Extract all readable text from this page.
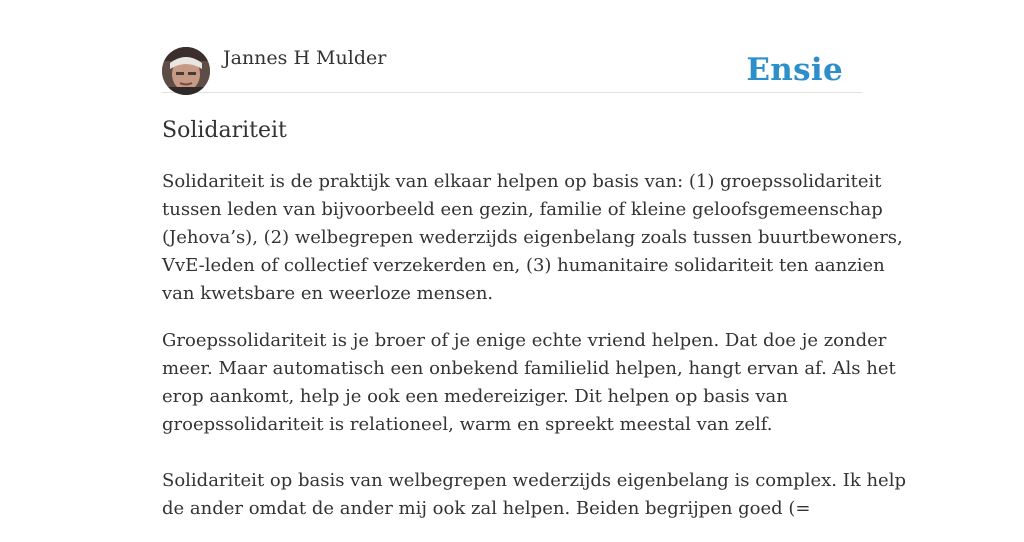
Jannes H Mulder	Ensie
Solidariteit

Solidariteit is de praktijk van elkaar helpen op basis van: (1) groepssolidariteit
tussen leden van bijvoorbeeld een gezin, familie of kleine geloofsgemeenschap
(Jehova’s), (2) welbegrepen wederzijds eigenbelang zoals tussen buurtbewoners,
VvE-leden of collectief verzekerden en, (3) humanitaire solidariteit ten aanzien
van kwetsbare en weerloze mensen.

Groepssolidariteit is je broer of je enige echte vriend helpen. Dat doe je zonder
meer. Maar automatisch een onbekend familielid helpen, hangt ervan af. Als het
erop aankomt, help je ook een medereiziger. Dit helpen op basis van
groepssolidariteit is relationeel, warm en spreekt meestal van zelf.

Solidariteit op basis van welbegrepen wederzijds eigenbelang is complex. Ik help
de ander omdat de ander mij ook zal helpen. Beiden begrijpen goed (=
